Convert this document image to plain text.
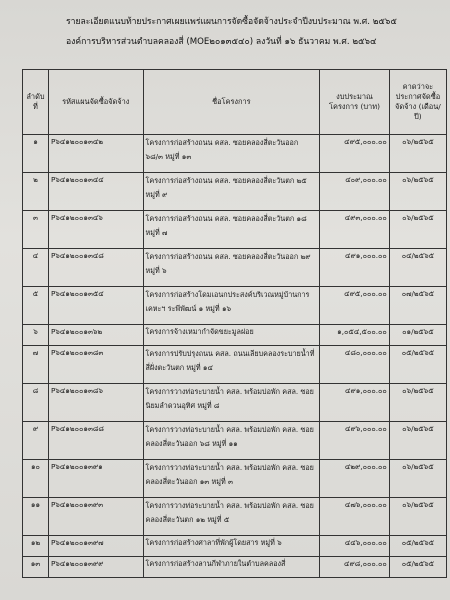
รายละเอียดแนบท้ายประกาศเผยแพร่แผนการจัดซื้อจัดจ้างประจำปีงบประมาณ พ.ศ. ๒๕๖๕
องค์การบริหารส่วนตำบลคลองสี่ (MOE๒๐๑๓๕๔๐) ลงวันที่ ๑๖ ธันวาคม พ.ศ. ๒๕๖๔
ลำดับที่	รหัสแผนจัดซื้อจัดจ้าง	ชื่อโครงการ	งบประมาณโครงการ (บาท)	คาดว่าจะประกาศจัดซื้อจัดจ้าง (เดือน/ปี)
๑	P๖๔๑๒๐๐๑๓๔๒	โครงการก่อสร้างถนน คสล. ซอยคลองสี่ตะวันออก ๖๘/๓ หมู่ที่ ๑๓	๔๙๕,๐๐๐.๐๐	๐๖/๒๕๖๕
๒	P๖๔๑๒๐๐๑๓๔๔	โครงการก่อสร้างถนน คสล. ซอยคลองสี่ตะวันตก ๒๕ หมู่ที่ ๙	๔๐๙,๐๐๐.๐๐	๐๖/๒๕๖๕
๓	P๖๔๑๒๐๐๑๓๔๖	โครงการก่อสร้างถนน คสล. ซอยคลองสี่ตะวันตก ๑๘ หมู่ที่ ๗	๔๙๓,๐๐๐.๐๐	๐๖/๒๕๖๕
๔	P๖๔๑๒๐๐๑๓๔๘	โครงการก่อสร้างถนน คสล. ซอยคลองสี่ตะวันออก ๒๙ หมู่ที่ ๖	๔๙๑,๐๐๐.๐๐	๐๔/๒๕๖๕
๕	P๖๔๑๒๐๐๑๓๕๔	โครงการก่อสร้างโดมเอนกประสงค์บริเวณหมู่บ้านการเคหะฯ ระพีพัฒน์ ๑ หมู่ที่ ๑๖	๔๙๕,๐๐๐.๐๐	๐๗/๒๕๖๕
๖	P๖๔๑๒๐๐๑๓๖๒	โครงการจ้างเหมากำจัดขยะมูลฝอย	๑,๐๕๔,๕๐๐.๐๐	๐๑/๒๕๖๕
๗	P๖๔๑๒๐๐๑๓๘๓	โครงการปรับปรุงถนน คสล. ถนนเลียบคลองระบายน้ำที่สี่ฝั่งตะวันตก หมู่ที่ ๑๔	๔๘๐,๐๐๐.๐๐	๐๕/๒๕๖๕
๘	P๖๔๑๒๐๐๑๓๘๖	โครงการวางท่อระบายน้ำ คสล. พร้อมบ่อพัก คสล. ซอยนิยมลำดวนอุทิศ หมู่ที่ ๘	๔๙๑,๐๐๐.๐๐	๐๖/๒๕๖๕
๙	P๖๔๑๒๐๐๑๓๘๘	โครงการวางท่อระบายน้ำ คสล. พร้อมบ่อพัก คสล. ซอยคลองสี่ตะวันออก ๖๘ หมู่ที่ ๑๑	๔๙๖,๐๐๐.๐๐	๐๖/๒๕๖๕
๑๐	P๖๔๑๒๐๐๑๓๙๑	โครงการวางท่อระบายน้ำ คสล. พร้อมบ่อพัก คสล. ซอยคลองสี่ตะวันออก ๑๓ หมู่ที่ ๓	๔๒๙,๐๐๐.๐๐	๐๖/๒๕๖๕
๑๑	P๖๔๑๒๐๐๑๓๙๓	โครงการวางท่อระบายน้ำ คสล. พร้อมบ่อพัก คสล. ซอยคลองสี่ตะวันตก ๑๒ หมู่ที่ ๕	๔๗๖,๐๐๐.๐๐	๐๖/๒๕๖๕
๑๒	P๖๔๑๒๐๐๑๓๙๗	โครงการก่อสร้างศาลาที่พักผู้โดยสาร หมู่ที่ ๖	๔๔๖,๐๐๐.๐๐	๐๕/๒๕๖๕
๑๓	P๖๔๑๒๐๐๑๓๙๙	โครงการก่อสร้างลานกีฬาภายในตำบลคลองสี่	๔๙๘,๐๐๐.๐๐	๐๕/๒๕๖๕
